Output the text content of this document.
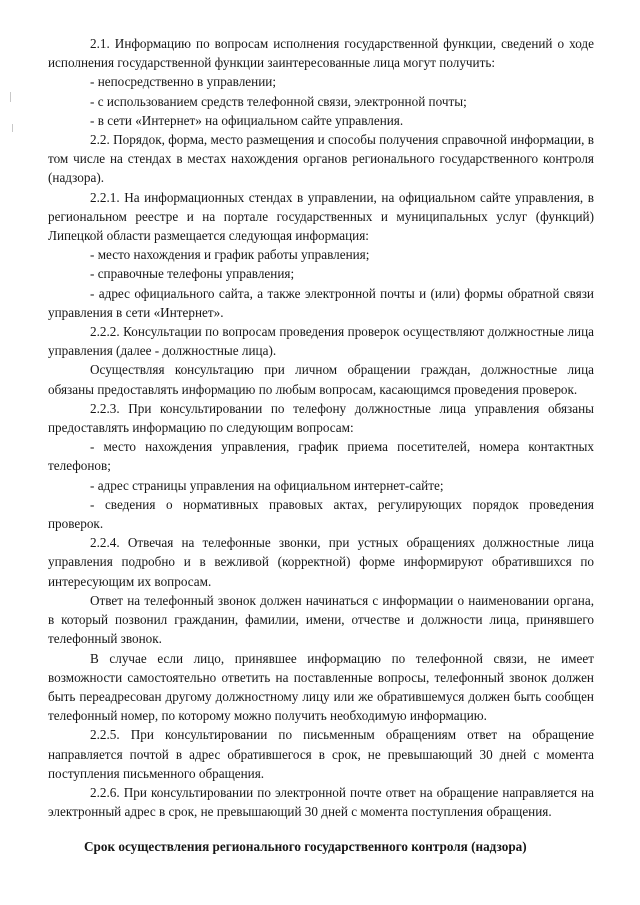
2.1. Информацию по вопросам исполнения государственной функции, сведений о ходе исполнения государственной функции заинтересованные лица могут получить:

- непосредственно в управлении;

- с использованием средств телефонной связи, электронной почты;

- в сети «Интернет» на официальном сайте управления.

2.2. Порядок, форма, место размещения и способы получения справочной информации, в том числе на стендах в местах нахождения органов регионального государственного контроля (надзора).

2.2.1. На информационных стендах в управлении, на официальном сайте управления, в региональном реестре и на портале государственных и муниципальных услуг (функций) Липецкой области размещается следующая информация:

- место нахождения и график работы управления;

- справочные телефоны управления;

- адрес официального сайта, а также электронной почты и (или) формы обратной связи управления в сети «Интернет».

2.2.2. Консультации по вопросам проведения проверок осуществляют должностные лица управления (далее - должностные лица).

Осуществляя консультацию при личном обращении граждан, должностные лица обязаны предоставлять информацию по любым вопросам, касающимся проведения проверок.

2.2.3. При консультировании по телефону должностные лица управления обязаны предоставлять информацию по следующим вопросам:

- место нахождения управления, график приема посетителей, номера контактных телефонов;

- адрес страницы управления на официальном интернет-сайте;

- сведения о нормативных правовых актах, регулирующих порядок проведения проверок.

2.2.4. Отвечая на телефонные звонки, при устных обращениях должностные лица управления подробно и в вежливой (корректной) форме информируют обратившихся по интересующим их вопросам.

Ответ на телефонный звонок должен начинаться с информации о наименовании органа, в который позвонил гражданин, фамилии, имени, отчестве и должности лица, принявшего телефонный звонок.

В случае если лицо, принявшее информацию по телефонной связи, не имеет возможности самостоятельно ответить на поставленные вопросы, телефонный звонок должен быть переадресован другому должностному лицу или же обратившемуся должен быть сообщен телефонный номер, по которому можно получить необходимую информацию.

2.2.5. При консультировании по письменным обращениям ответ на обращение направляется почтой в адрес обратившегося в срок, не превышающий 30 дней с момента поступления письменного обращения.

2.2.6. При консультировании по электронной почте ответ на обращение направляется на электронный адрес в срок, не превышающий 30 дней с момента поступления обращения.

Срок осуществления регионального государственного контроля (надзора)
